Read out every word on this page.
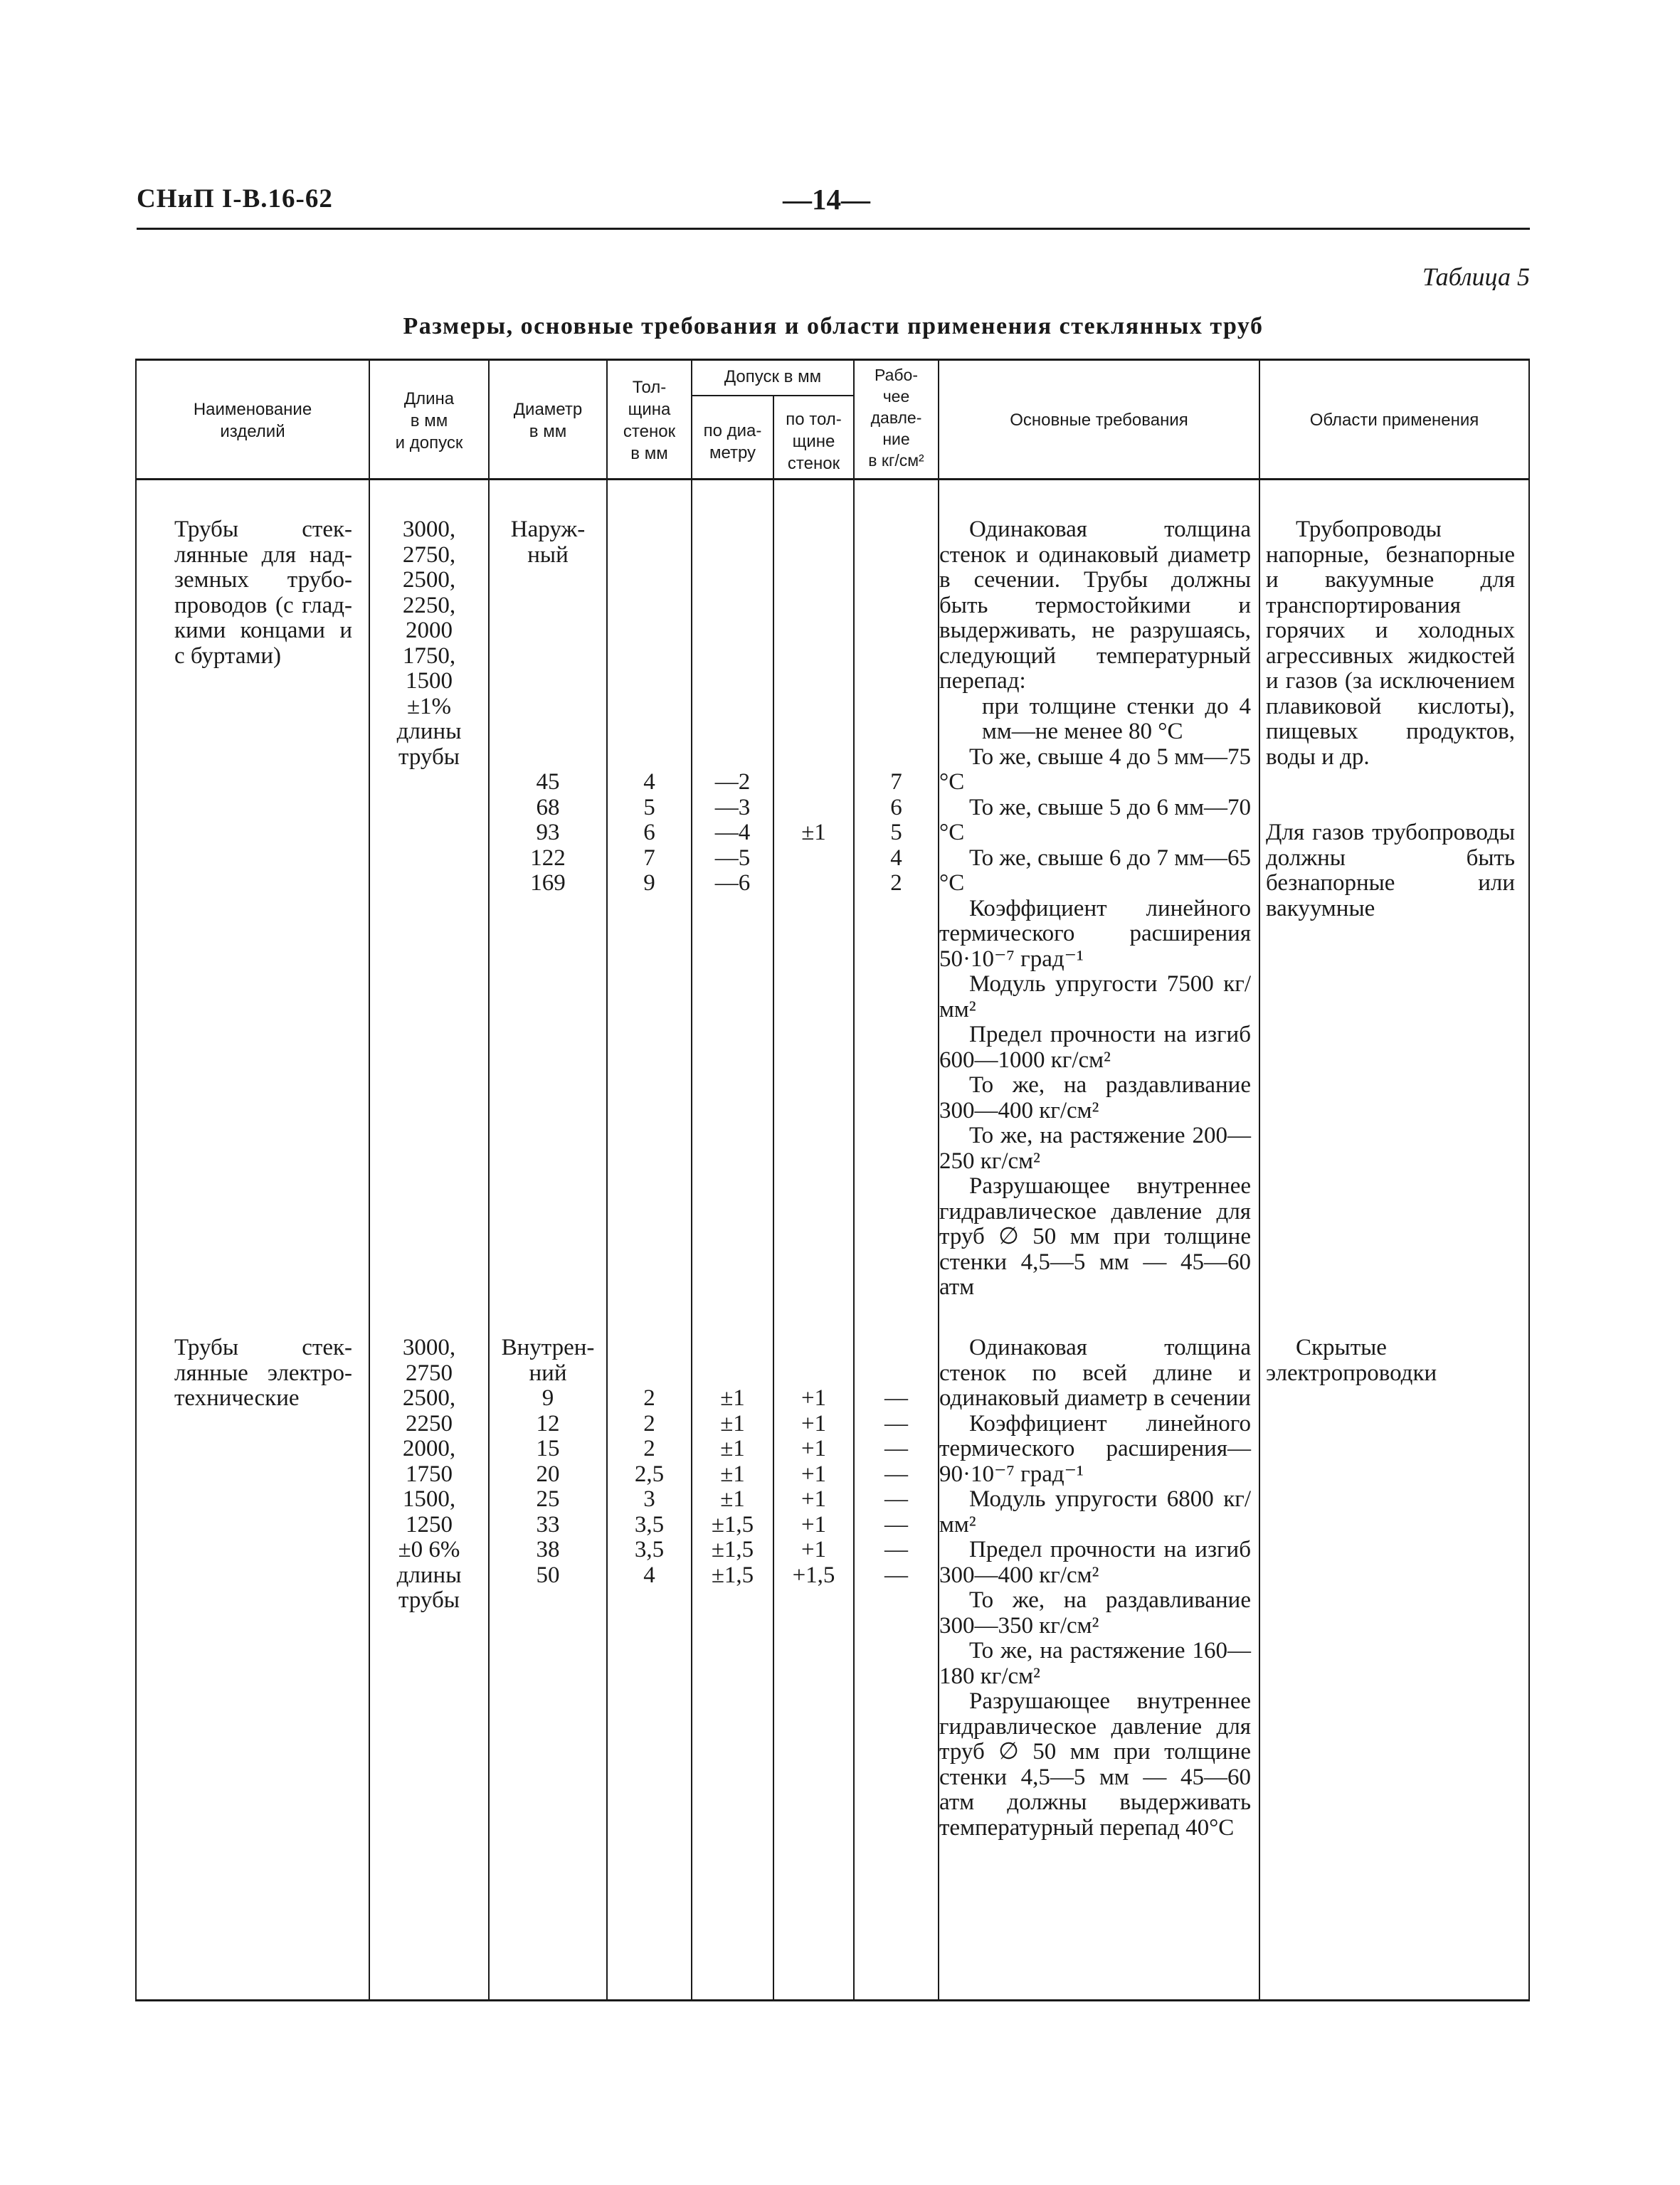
СНиП I-В.16-62	—14—
Таблица 5
Размеры, основные требования и области применения стеклянных труб
Наименование
изделий
Длина
в мм
и допуск
Диаметр
в мм
Тол-
щина
стенок
в мм
Допуск в мм
по диа-
метру
по тол-
щине
стенок
Рабо-
чее
давле-
ние
в кг/см²
Основные требования	Области применения

Трубы стек-

лянные для над-

земных трубо-

проводов (с глад-

кими концами и

с буртами)

3000,
2750,
2500,
2250,
2000
1750,
1500
±1%
длины
трубы
Наруж-
ный
45
68
93
122
169
4
5
6
7
9
—2
—3
—4
—5
—6
±1
7
6
5
4
2

Одинаковая толщина стенок и одинаковый диаметр в сечении. Трубы должны быть термостойкими и выдерживать, не разрушаясь, следующий температурный перепад:

при толщине стенки до 4 мм—не менее 80 °С

То же, свыше 4 до 5 мм—75 °С

То же, свыше 5 до 6 мм—70 °С

То же, свыше 6 до 7 мм—65 °С

Коэффициент линейного термического расширения 50·10⁻⁷ град⁻¹

Модуль упругости 7500 кг/мм²

Предел прочности на изгиб 600—1000 кг/см²

То же, на раздавливание 300—400 кг/см²

То же, на растяжение 200—250 кг/см²

Разрушающее внутреннее гидравлическое давление для труб ∅ 50 мм при толщине стенки 4,5—5 мм — 45—60 атм

Трубопроводы напорные, безнапорные и вакуумные для транспортирования горячих и холодных агрессивных жидкостей и газов (за исключением плавиковой кислоты), пищевых продуктов, воды и др.

Для газов трубопроводы должны быть безнапорные или вакуумные

Трубы стек-

лянные электро-

технические

3000,
2750
2500,
2250
2000,
1750
1500,
1250
±0 6%
длины
трубы
Внутрен-
ний
9
12
15
20
25
33
38
50
2
2
2
2,5
3
3,5
3,5
4
±1
±1
±1
±1
±1
±1,5
±1,5
±1,5
+1
+1
+1
+1
+1
+1
+1
+1,5
—
—
—
—
—
—
—
—

Одинаковая толщина стенок по всей длине и одинаковый диаметр в сечении

Коэффициент линейного термического расширения—90·10⁻⁷ град⁻¹

Модуль упругости 6800 кг/мм²

Предел прочности на изгиб 300—400 кг/см²

То же, на раздавливание 300—350 кг/см²

То же, на растяжение 160—180 кг/см²

Разрушающее внутреннее гидравлическое давление для труб ∅ 50 мм при толщине стенки 4,5—5 мм — 45—60 атм должны выдерживать температурный перепад 40°С

Скрытые электропроводки
